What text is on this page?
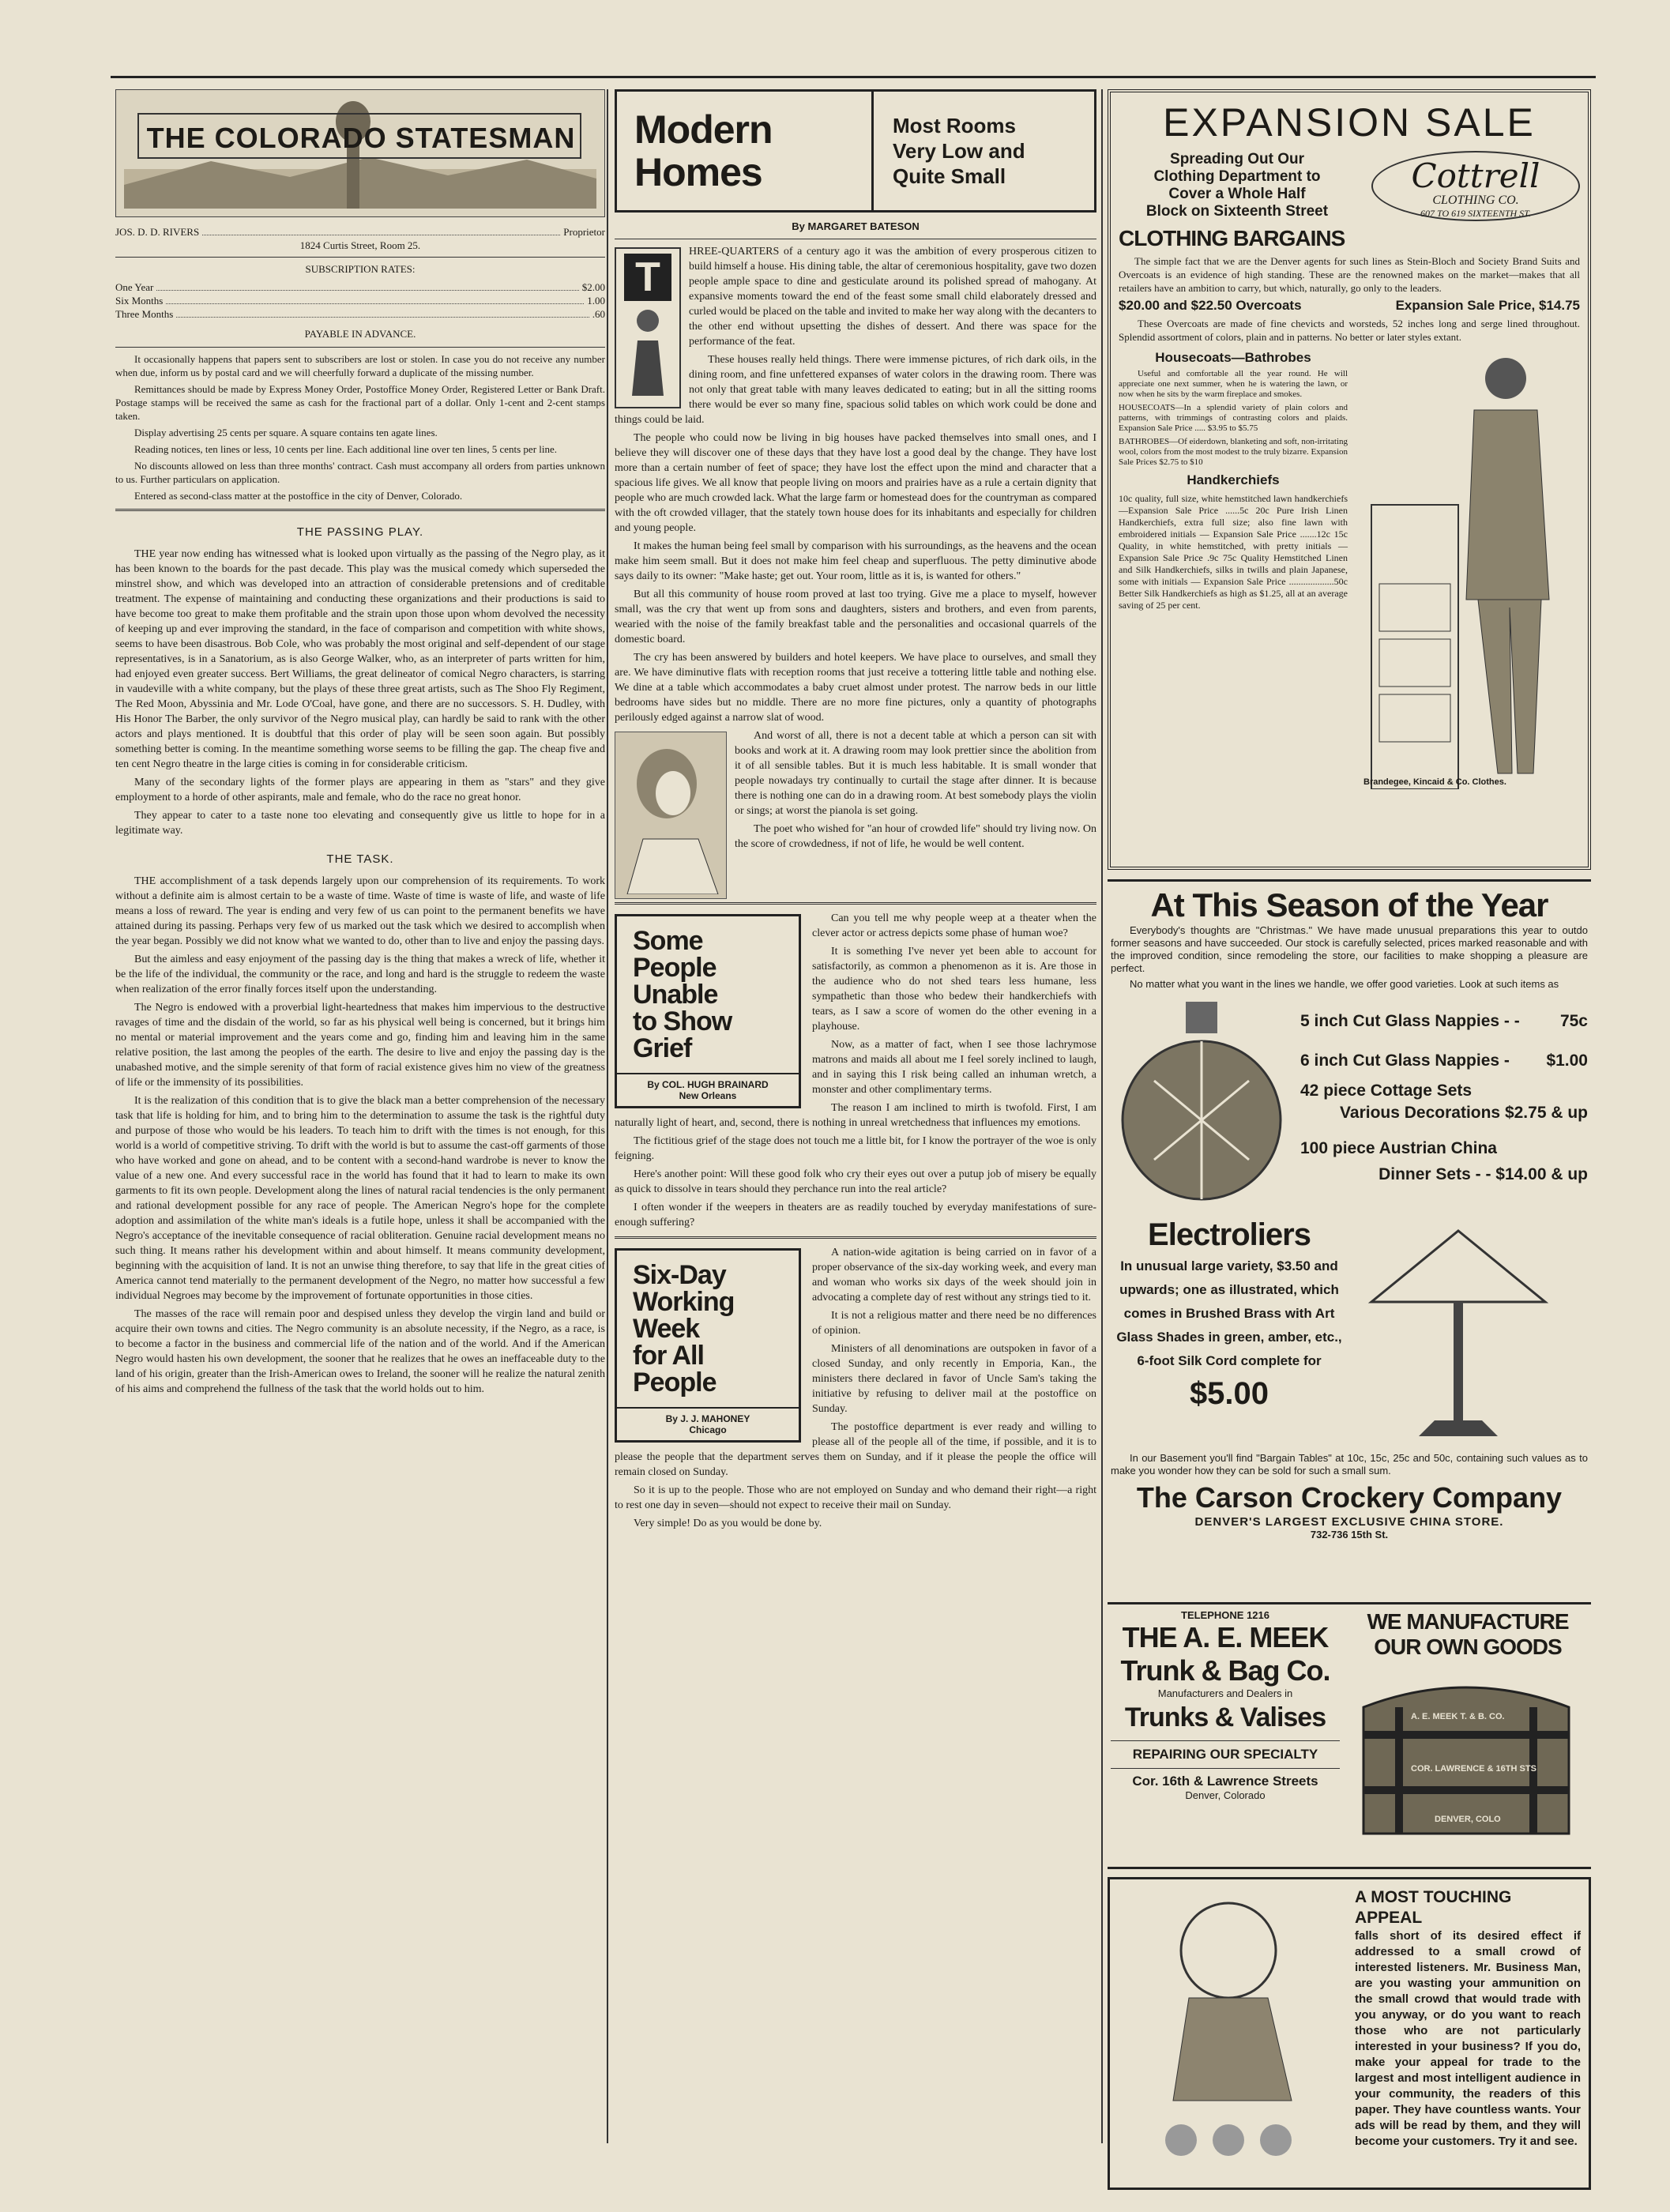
THE COLORADO STATESMAN
JOS. D. D. RIVERS	Proprietor
1824 Curtis Street, Room 25.
SUBSCRIPTION RATES:
One Year	$2.00
Six Months	1.00
Three Months	.60
PAYABLE IN ADVANCE.

It occasionally happens that papers sent to subscribers are lost or stolen. In case you do not receive any number when due, inform us by postal card and we will cheerfully forward a duplicate of the missing number.

Remittances should be made by Express Money Order, Postoffice Money Order, Registered Letter or Bank Draft. Postage stamps will be received the same as cash for the fractional part of a dollar. Only 1-cent and 2-cent stamps taken.

Display advertising 25 cents per square. A square contains ten agate lines.

Reading notices, ten lines or less, 10 cents per line. Each additional line over ten lines, 5 cents per line.

No discounts allowed on less than three months' contract. Cash must accompany all orders from parties unknown to us. Further particulars on application.

Entered as second-class matter at the postoffice in the city of Denver, Colorado.

THE PASSING PLAY.

THE year now ending has witnessed what is looked upon virtually as the passing of the Negro play, as it has been known to the boards for the past decade. This play was the musical comedy which superseded the minstrel show, and which was developed into an attraction of considerable pretensions and of creditable treatment. The expense of maintaining and conducting these organizations and their productions is said to have become too great to make them profitable and the strain upon those upon whom devolved the necessity of keeping up and ever improving the standard, in the face of comparison and competition with white shows, seems to have been disastrous. Bob Cole, who was probably the most original and self-dependent of our stage representatives, is in a Sanatorium, as is also George Walker, who, as an interpreter of parts written for him, had enjoyed even greater success. Bert Williams, the great delineator of comical Negro characters, is starring in vaudeville with a white company, but the plays of these three great artists, such as The Shoo Fly Regiment, The Red Moon, Abyssinia and Mr. Lode O'Coal, have gone, and there are no successors. S. H. Dudley, with His Honor The Barber, the only survivor of the Negro musical play, can hardly be said to rank with the other actors and plays mentioned. It is doubtful that this order of play will be seen soon again. But possibly something better is coming. In the meantime something worse seems to be filling the gap. The cheap five and ten cent Negro theatre in the large cities is coming in for considerable criticism.

Many of the secondary lights of the former plays are appearing in them as "stars" and they give employment to a horde of other aspirants, male and female, who do the race no great honor.

They appear to cater to a taste none too elevating and consequently give us little to hope for in a legitimate way.

THE TASK.

THE accomplishment of a task depends largely upon our comprehension of its requirements. To work without a definite aim is almost certain to be a waste of time. Waste of time is waste of life, and waste of life means a loss of reward. The year is ending and very few of us can point to the permanent benefits we have attained during its passing. Perhaps very few of us marked out the task which we desired to accomplish when the year began. Possibly we did not know what we wanted to do, other than to live and enjoy the passing days.

But the aimless and easy enjoyment of the passing day is the thing that makes a wreck of life, whether it be the life of the individual, the community or the race, and long and hard is the struggle to redeem the waste when realization of the error finally forces itself upon the understanding.

The Negro is endowed with a proverbial light-heartedness that makes him impervious to the destructive ravages of time and the disdain of the world, so far as his physical well being is concerned, but it brings him no mental or material improvement and the years come and go, finding him and leaving him in the same relative position, the last among the peoples of the earth. The desire to live and enjoy the passing day is the unabashed motive, and the simple serenity of that form of racial existence gives him no view of the greatness of life or the immensity of its possibilities.

It is the realization of this condition that is to give the black man a better comprehension of the necessary task that life is holding for him, and to bring him to the determination to assume the task is the rightful duty and purpose of those who would be his leaders. To teach him to drift with the times is not enough, for this world is a world of competitive striving. To drift with the world is but to assume the cast-off garments of those who have worked and gone on ahead, and to be content with a second-hand wardrobe is never to know the value of a new one. And every successful race in the world has found that it had to learn to make its own garments to fit its own people. Development along the lines of natural racial tendencies is the only permanent and rational development possible for any race of people. The American Negro's hope for the complete adoption and assimilation of the white man's ideals is a futile hope, unless it shall be accompanied with the Negro's acceptance of the inevitable consequence of racial obliteration. Genuine racial development means no such thing. It means rather his development within and about himself. It means community development, beginning with the acquisition of land. It is not an unwise thing therefore, to say that life in the great cities of America cannot tend materially to the permanent development of the Negro, no matter how successful a few individual Negroes may become by the improvement of fortunate opportunities in those cities.

The masses of the race will remain poor and despised unless they develop the virgin land and build or acquire their own towns and cities. The Negro community is an absolute necessity, if the Negro, as a race, is to become a factor in the business and commercial life of the nation and of the world. And if the American Negro would hasten his own development, the sooner that he realizes that he owes an ineffaceable duty to the land of his origin, greater than the Irish-American owes to Ireland, the sooner will he realize the natural zenith of his aims and comprehend the fullness of the task that the world holds out to him.

Modern
Homes
Most Rooms
Very Low and
Quite Small
By MARGARET BATESON
T

HREE-QUARTERS of a century ago it was the ambition of every prosperous citizen to build himself a house. His dining table, the altar of ceremonious hospitality, gave two dozen people ample space to dine and gesticulate around its polished spread of mahogany. At expansive moments toward the end of the feast some small child elaborately dressed and curled would be placed on the table and invited to make her way along with the decanters to the other end without upsetting the dishes of dessert. And there was space for the performance of the feat.

These houses really held things. There were immense pictures, of rich dark oils, in the dining room, and fine unfettered expanses of water colors in the drawing room. There was not only that great table with many leaves dedicated to eating; but in all the sitting rooms there would be ever so many fine, spacious solid tables on which work could be done and things could be laid.

The people who could now be living in big houses have packed themselves into small ones, and I believe they will discover one of these days that they have lost a good deal by the change. They have lost more than a certain number of feet of space; they have lost the effect upon the mind and character that a spacious life gives. We all know that people living on moors and prairies have as a rule a certain dignity that people who are much crowded lack. What the large farm or homestead does for the countryman as compared with the oft crowded villager, that the stately town house does for its inhabitants and especially for children and young people.

It makes the human being feel small by comparison with his surroundings, as the heavens and the ocean make him seem small. But it does not make him feel cheap and superfluous. The petty diminutive abode says daily to its owner: "Make haste; get out. Your room, little as it is, is wanted for others."

But all this community of house room proved at last too trying. Give me a place to myself, however small, was the cry that went up from sons and daughters, sisters and brothers, and even from parents, wearied with the noise of the family breakfast table and the personalities and occasional quarrels of the domestic board.

The cry has been answered by builders and hotel keepers. We have place to ourselves, and small they are. We have diminutive flats with reception rooms that just receive a tottering little table and nothing else. We dine at a table which accommodates a baby cruet almost under protest. The narrow beds in our little bedrooms have sides but no middle. There are no more fine pictures, only a quantity of photographs perilously edged against a narrow slat of wood.

And worst of all, there is not a decent table at which a person can sit with books and work at it. A drawing room may look prettier since the abolition from it of all sensible tables. But it is much less habitable. It is small wonder that people nowadays try continually to curtail the stage after dinner. It is because there is nothing one can do in a drawing room. At best somebody plays the violin or sings; at worst the pianola is set going.

The poet who wished for "an hour of crowded life" should try living now. On the score of crowdedness, if not of life, he would be well content.

Some
People
Unable
to Show
Grief
By COL. HUGH BRAINARD
New Orleans

Can you tell me why people weep at a theater when the clever actor or actress depicts some phase of human woe?

It is something I've never yet been able to account for satisfactorily, as common a phenomenon as it is. Are those in the audience who do not shed tears less humane, less sympathetic than those who bedew their handkerchiefs with tears, as I saw a score of women do the other evening in a playhouse.

Now, as a matter of fact, when I see those lachrymose matrons and maids all about me I feel sorely inclined to laugh, and in saying this I risk being called an inhuman wretch, a monster and other complimentary terms.

The reason I am inclined to mirth is twofold. First, I am naturally light of heart, and, second, there is nothing in unreal wretchedness that influences my emotions.

The fictitious grief of the stage does not touch me a little bit, for I know the portrayer of the woe is only feigning.

Here's another point: Will these good folk who cry their eyes out over a putup job of misery be equally as quick to dissolve in tears should they perchance run into the real article?

I often wonder if the weepers in theaters are as readily touched by everyday manifestations of sure-enough suffering?

Six-Day
Working
Week
for All
People
By J. J. MAHONEY
Chicago

A nation-wide agitation is being carried on in favor of a proper observance of the six-day working week, and every man and woman who works six days of the week should join in advocating a complete day of rest without any strings tied to it.

It is not a religious matter and there need be no differences of opinion.

Ministers of all denominations are outspoken in favor of a closed Sunday, and only recently in Emporia, Kan., the ministers there declared in favor of Uncle Sam's taking the initiative by refusing to deliver mail at the postoffice on Sunday.

The postoffice department is ever ready and willing to please all of the people all of the time, if possible, and it is to please the people that the department serves them on Sunday, and if it please the people the office will remain closed on Sunday.

So it is up to the people. Those who are not employed on Sunday and who demand their right—a right to rest one day in seven—should not expect to receive their mail on Sunday.

Very simple! Do as you would be done by.

EXPANSION SALE
Spreading Out Our
Clothing Department to
Cover a Whole Half
Block on Sixteenth Street
Cottrell
CLOTHING CO.
607 TO 619 SIXTEENTH ST.
CLOTHING BARGAINS

The simple fact that we are the Denver agents for such lines as Stein-Bloch and Society Brand Suits and Overcoats is an evidence of high standing. These are the renowned makes on the market—makes that all retailers have an ambition to carry, but which, naturally, go only to the leaders.

$20.00 and $22.50 Overcoats	Expansion Sale Price, $14.75

These Overcoats are made of fine chevicts and worsteds, 52 inches long and serge lined throughout. Splendid assortment of colors, plain and in patterns. No better or later styles extant.

Housecoats—Bathrobes

Useful and comfortable all the year round. He will appreciate one next summer, when he is watering the lawn, or now when he sits by the warm fireplace and smokes.

HOUSECOATS—In a splendid variety of plain colors and patterns, with trimmings of contrasting colors and plaids. Expansion Sale Price ..... $3.95 to $5.75

BATHROBES—Of eiderdown, blanketing and soft, non-irritating wool, colors from the most modest to the truly bizarre. Expansion Sale Prices $2.75 to $10

Handkerchiefs

10c quality, full size, white hemstitched lawn handkerchiefs—Expansion Sale Price ......5c 20c Pure Irish Linen Handkerchiefs, extra full size; also fine lawn with embroidered initials — Expansion Sale Price .......12c 15c Quality, in white hemstitched, with pretty initials —Expansion Sale Price .9c 75c Quality Hemstitched Linen and Silk Handkerchiefs, silks in twills and plain Japanese, some with initials — Expansion Sale Price ...................50c Better Silk Handkerchiefs as high as $1.25, all at an average saving of 25 per cent.

Brandegee, Kincaid & Co. Clothes.
At This Season of the Year

Everybody's thoughts are "Christmas." We have made unusual preparations this year to outdo former seasons and have succeeded. Our stock is carefully selected, prices marked reasonable and with the improved condition, since remodeling the store, our facilities to make shopping a pleasure are perfect.

No matter what you want in the lines we handle, we offer good varieties. Look at such items as

5 inch Cut Glass Nappies - - 75c
6 inch Cut Glass Nappies - $1.00
42 piece Cottage Sets
Various Decorations $2.75 & up
100 piece Austrian China
Dinner Sets - - $14.00 & up
Electroliers

In unusual large variety, $3.50 and upwards; one as illustrated, which comes in Brushed Brass with Art Glass Shades in green, amber, etc., 6-foot Silk Cord complete for

$5.00

In our Basement you'll find "Bargain Tables" at 10c, 15c, 25c and 50c, containing such values as to make you wonder how they can be sold for such a small sum.

The Carson Crockery Company
DENVER'S LARGEST EXCLUSIVE CHINA STORE.
732-736 15th St.
TELEPHONE 1216
THE A. E. MEEK
Trunk & Bag Co.
Manufacturers and Dealers in
Trunks & Valises
REPAIRING OUR SPECIALTY
Cor. 16th & Lawrence Streets
Denver, Colorado
WE MANUFACTURE OUR OWN GOODS
A. E. MEEK T. & B. CO.
COR. LAWRENCE & 16TH STS
DENVER, COLO
A MOST TOUCHING APPEAL

falls short of its desired effect if addressed to a small crowd of interested listeners. Mr. Business Man, are you wasting your ammunition on the small crowd that would trade with you anyway, or do you want to reach those who are not particularly interested in your business? If you do, make your appeal for trade to the largest and most intelligent audience in your community, the readers of this paper. They have countless wants. Your ads will be read by them, and they will become your customers. Try it and see.
